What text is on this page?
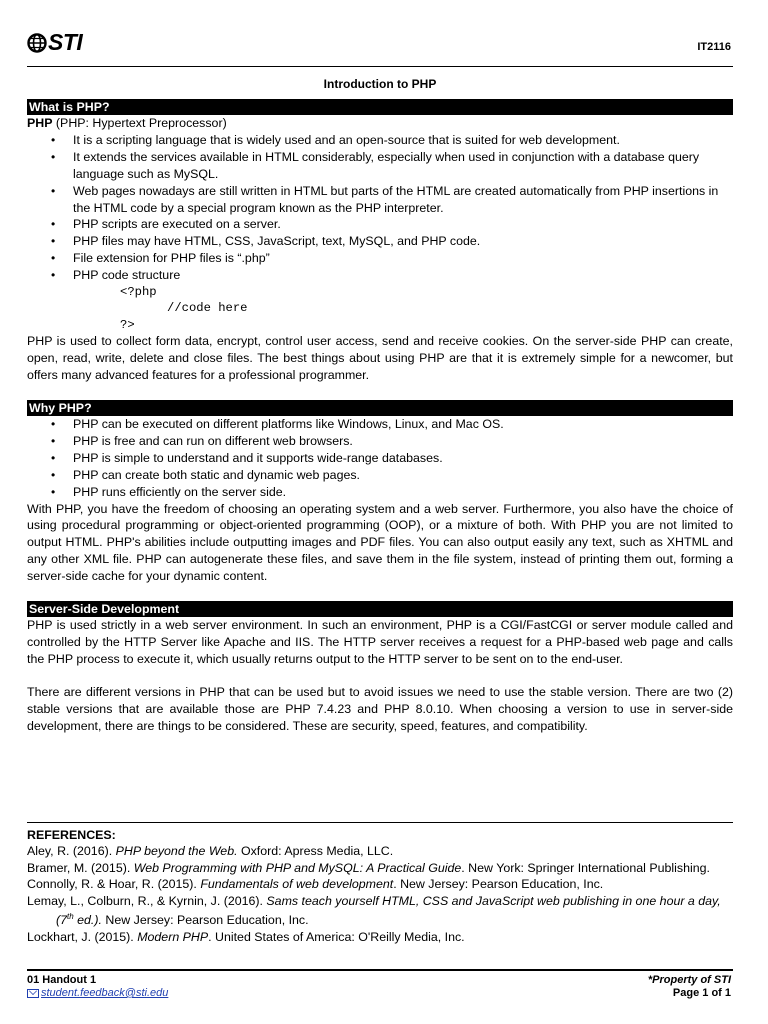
STI	IT2116
Introduction to PHP
What is PHP?

PHP (PHP: Hypertext Preprocessor)

• It is a scripting language that is widely used and an open-source that is suited for web development.
• It extends the services available in HTML considerably, especially when used in conjunction with a database query language such as MySQL.
• Web pages nowadays are still written in HTML but parts of the HTML are created automatically from PHP insertions in the HTML code by a special program known as the PHP interpreter.
• PHP scripts are executed on a server.
• PHP files may have HTML, CSS, JavaScript, text, MySQL, and PHP code.
• File extension for PHP files is “.php”
• PHP code structure
<?php
//code here
?>

PHP is used to collect form data, encrypt, control user access, send and receive cookies. On the server-side PHP can create, open, read, write, delete and close files. The best things about using PHP are that it is extremely simple for a newcomer, but offers many advanced features for a professional programmer.

Why PHP?
• PHP can be executed on different platforms like Windows, Linux, and Mac OS.
• PHP is free and can run on different web browsers.
• PHP is simple to understand and it supports wide-range databases.
• PHP can create both static and dynamic web pages.
• PHP runs efficiently on the server side.

With PHP, you have the freedom of choosing an operating system and a web server. Furthermore, you also have the choice of using procedural programming or object-oriented programming (OOP), or a mixture of both. With PHP you are not limited to output HTML. PHP's abilities include outputting images and PDF files. You can also output easily any text, such as XHTML and any other XML file. PHP can autogenerate these files, and save them in the file system, instead of printing them out, forming a server-side cache for your dynamic content.

Server-Side Development

PHP is used strictly in a web server environment. In such an environment, PHP is a CGI/FastCGI or server module called and controlled by the HTTP Server like Apache and IIS. The HTTP server receives a request for a PHP-based web page and calls the PHP process to execute it, which usually returns output to the HTTP server to be sent on to the end-user.

There are different versions in PHP that can be used but to avoid issues we need to use the stable version. There are two (2) stable versions that are available those are PHP 7.4.23 and PHP 8.0.10. When choosing a version to use in server-side development, there are things to be considered. These are security, speed, features, and compatibility.

REFERENCES:
Aley, R. (2016). PHP beyond the Web. Oxford: Apress Media, LLC.
Bramer, M. (2015). Web Programming with PHP and MySQL: A Practical Guide. New York: Springer International Publishing.
Connolly, R. & Hoar, R. (2015). Fundamentals of web development. New Jersey: Pearson Education, Inc.
Lemay, L., Colburn, R., & Kyrnin, J. (2016). Sams teach yourself HTML, CSS and JavaScript web publishing in one hour a day, (7th ed.). New Jersey: Pearson Education, Inc.
Lockhart, J. (2015). Modern PHP. United States of America: O'Reilly Media, Inc.
01 Handout 1
student.feedback@sti.edu
*Property of STI
Page 1 of 1
